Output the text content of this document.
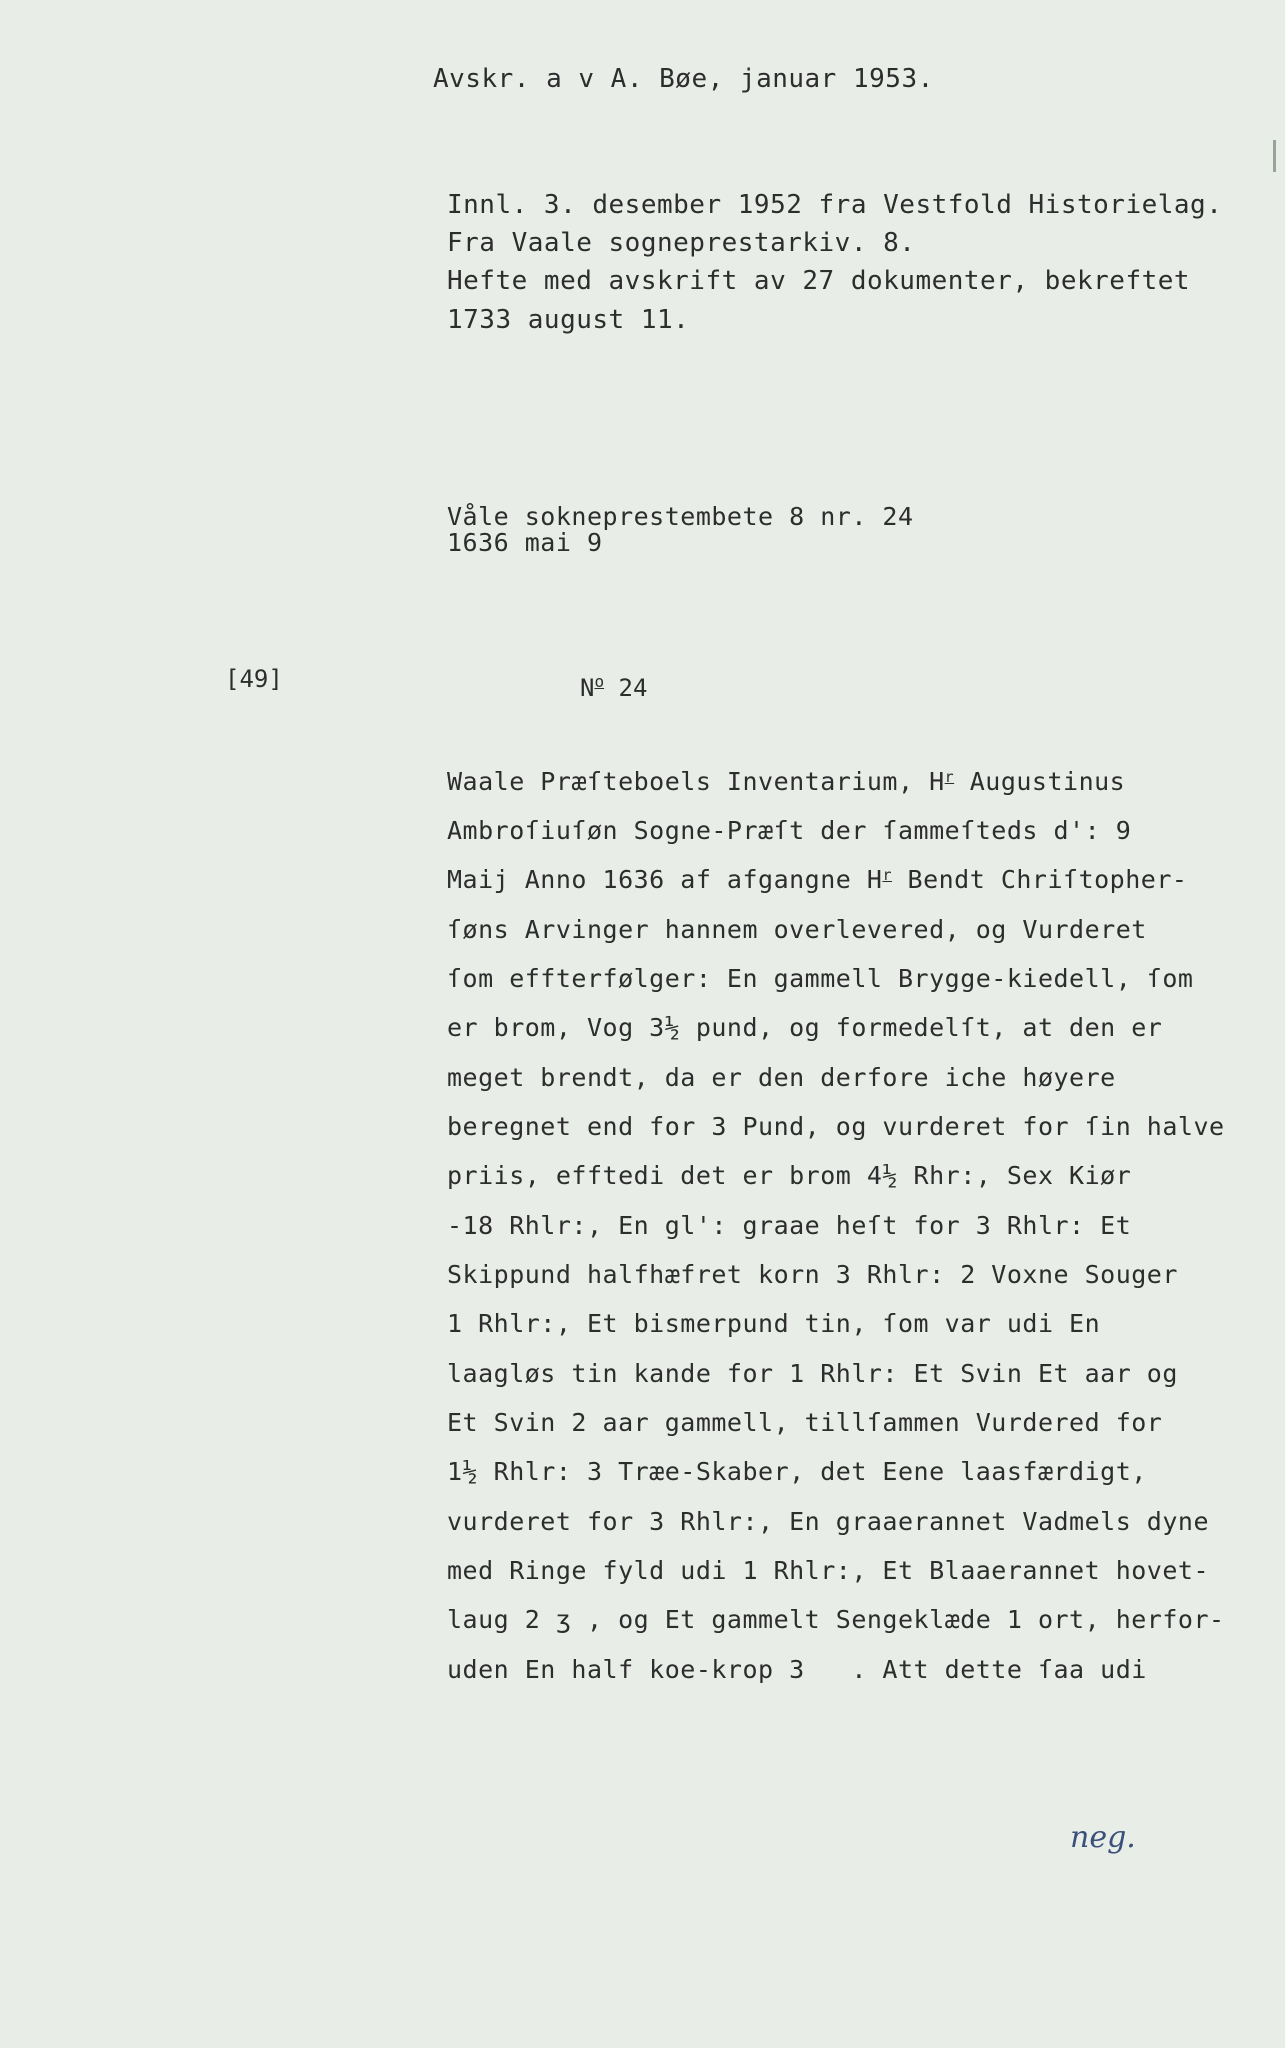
Avskr. a v A. Bøe, januar 1953.
Innl. 3. desember 1952 fra Vestfold Historielag.
Fra Vaale sogneprestarkiv. 8.
Hefte med avskrift av 27 dokumenter, bekreftet
1733 august 11.
Våle sokneprestembete 8 nr. 24
1636 mai 9
[49]	$N^o$ 24
Waale Præſteboels Inventarium, $H^r$ Augustinus
Ambroſiuſøn Sogne-Præſt der ſammeſteds d': 9
Maij Anno 1636 af afgangne $H^r$ Bendt Chriſtopher-
ſøns Arvinger hannem overlevered, og Vurderet
ſom effterfølger: En gammell Brygge-kiedell, ſom
er brom, Vog 3½ pund, og formedelſt, at den er
meget brendt, da er den derfore iche høyere
beregnet end for 3 Pund, og vurderet for ſin halve
priis, efftedi det er brom 4½ Rhr:, Sex Kiør
-18 Rhlr:, En gl': graae heſt for 3 Rhlr: Et
Skippund halfhæfret korn 3 Rhlr: 2 Voxne Souger
1 Rhlr:, Et bismerpund tin, ſom var udi En
laagløs tin kande for 1 Rhlr: Et Svin Et aar og
Et Svin 2 aar gammell, tillſammen Vurdered for
1½ Rhlr: 3 Træe-Skaber, det Eene laasfærdigt,
vurderet for 3 Rhlr:, En graaerannet Vadmels dyne
med Ringe fyld udi 1 Rhlr:, Et Blaaerannet hovet-
laug 2 ʒ , og Et gammelt Sengeklæde 1 ort, herfor-
uden En half koe-krop 3   . Att dette ſaa udi
neg.
